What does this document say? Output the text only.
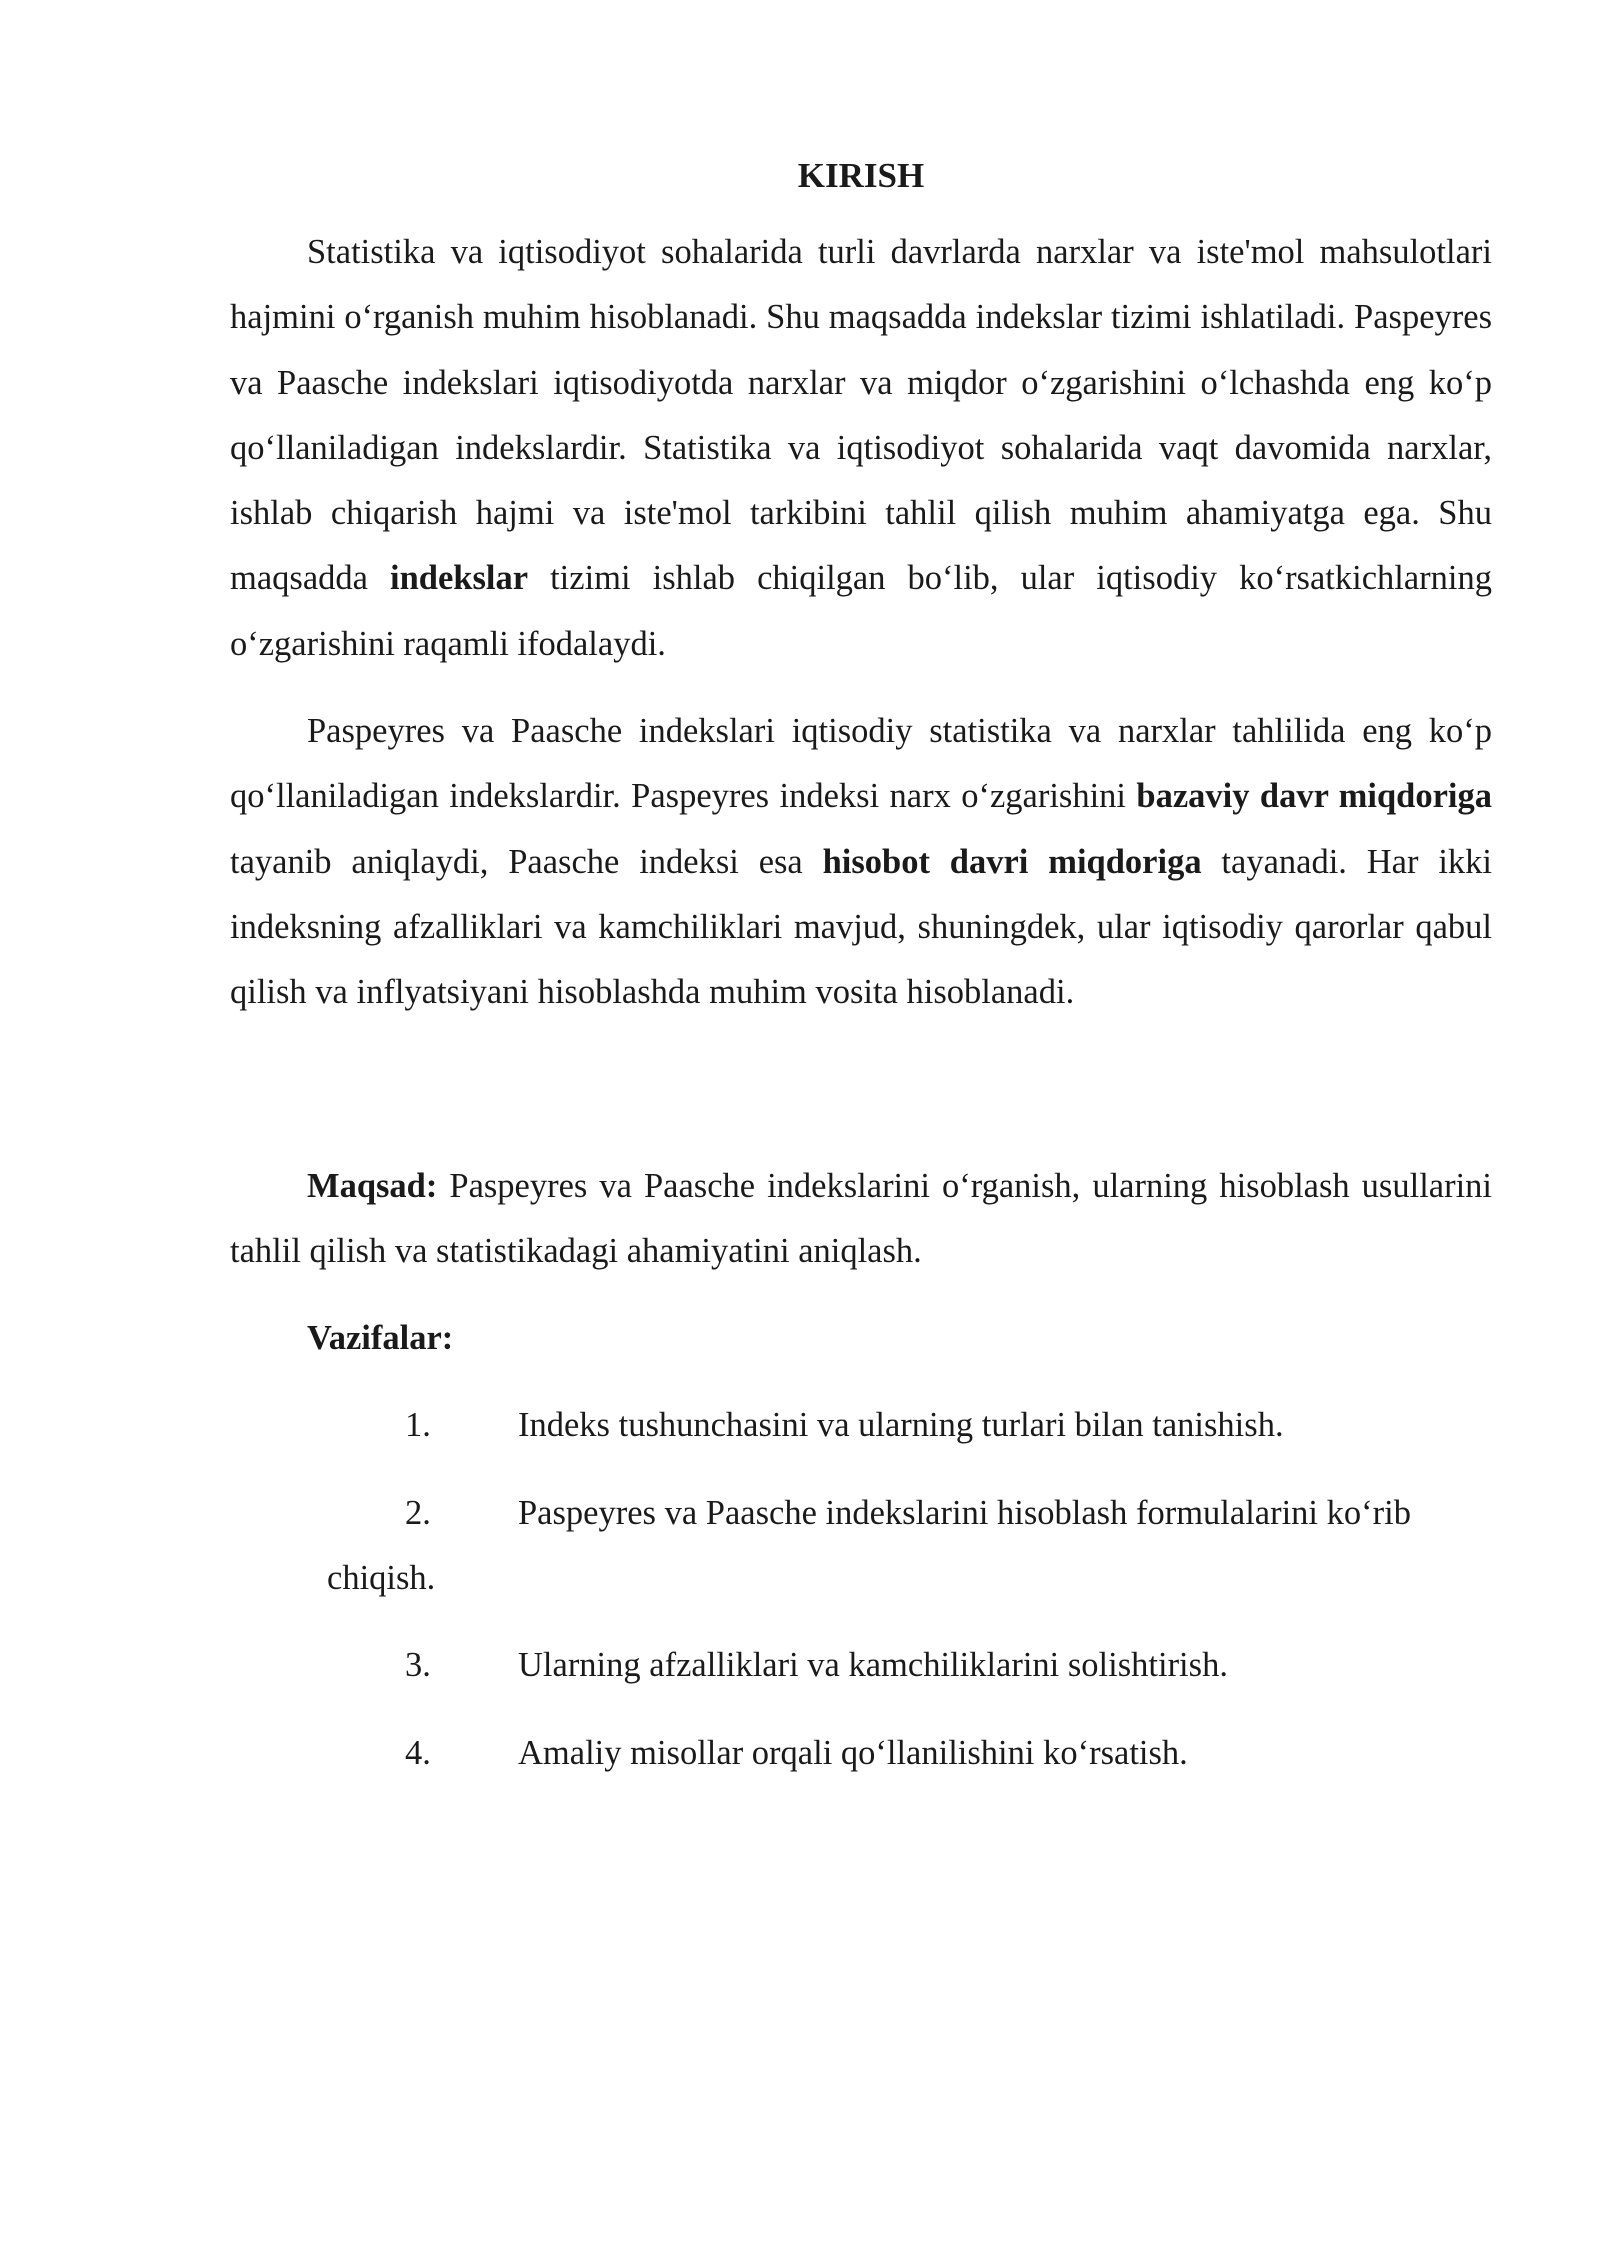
KIRISH

Statistika va iqtisodiyot sohalarida turli davrlarda narxlar va iste'mol mahsulotlari hajmini o‘rganish muhim hisoblanadi. Shu maqsadda indekslar tizimi ishlatiladi. Paspeyres va Paasche indekslari iqtisodiyotda narxlar va miqdor o‘zgarishini o‘lchashda eng ko‘p qo‘llaniladigan indekslardir. Statistika va iqtisodiyot sohalarida vaqt davomida narxlar, ishlab chiqarish hajmi va iste'mol tarkibini tahlil qilish muhim ahamiyatga ega. Shu maqsadda indekslar tizimi ishlab chiqilgan bo‘lib, ular iqtisodiy ko‘rsatkichlarning o‘zgarishini raqamli ifodalaydi.

Paspeyres va Paasche indekslari iqtisodiy statistika va narxlar tahlilida eng ko‘p qo‘llaniladigan indekslardir. Paspeyres indeksi narx o‘zgarishini bazaviy davr miqdoriga tayanib aniqlaydi, Paasche indeksi esa hisobot davri miqdoriga tayanadi. Har ikki indeksning afzalliklari va kamchiliklari mavjud, shuningdek, ular iqtisodiy qarorlar qabul qilish va inflyatsiyani hisoblashda muhim vosita hisoblanadi.

Maqsad: Paspeyres va Paasche indekslarini o‘rganish, ularning hisoblash usullarini tahlil qilish va statistikadagi ahamiyatini aniqlash.

Vazifalar:
1.	Indeks tushunchasini va ularning turlari bilan tanishish.
2.	Paspeyres va Paasche indekslarini hisoblash formulalarini ko‘rib
chiqish.
3.	Ularning afzalliklari va kamchiliklarini solishtirish.
4.	Amaliy misollar orqali qo‘llanilishini ko‘rsatish.
